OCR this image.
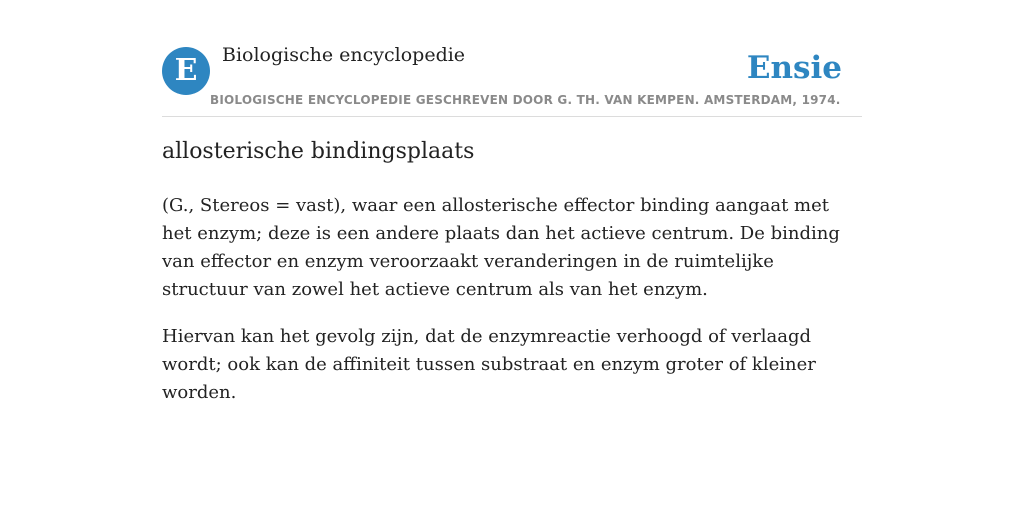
E	Biologische encyclopedie	Ensie
BIOLOGISCHE ENCYCLOPEDIE GESCHREVEN DOOR G. TH. VAN KEMPEN. AMSTERDAM, 1974.
allosterische bindingsplaats

(G., Stereos = vast), waar een allosterische effector binding aangaat met het enzym; deze is een andere plaats dan het actieve centrum. De binding van effector en enzym veroorzaakt veranderingen in de ruimtelijke structuur van zowel het actieve centrum als van het enzym.

Hiervan kan het gevolg zijn, dat de enzymreactie verhoogd of verlaagd wordt; ook kan de affiniteit tussen substraat en enzym groter of kleiner worden.
